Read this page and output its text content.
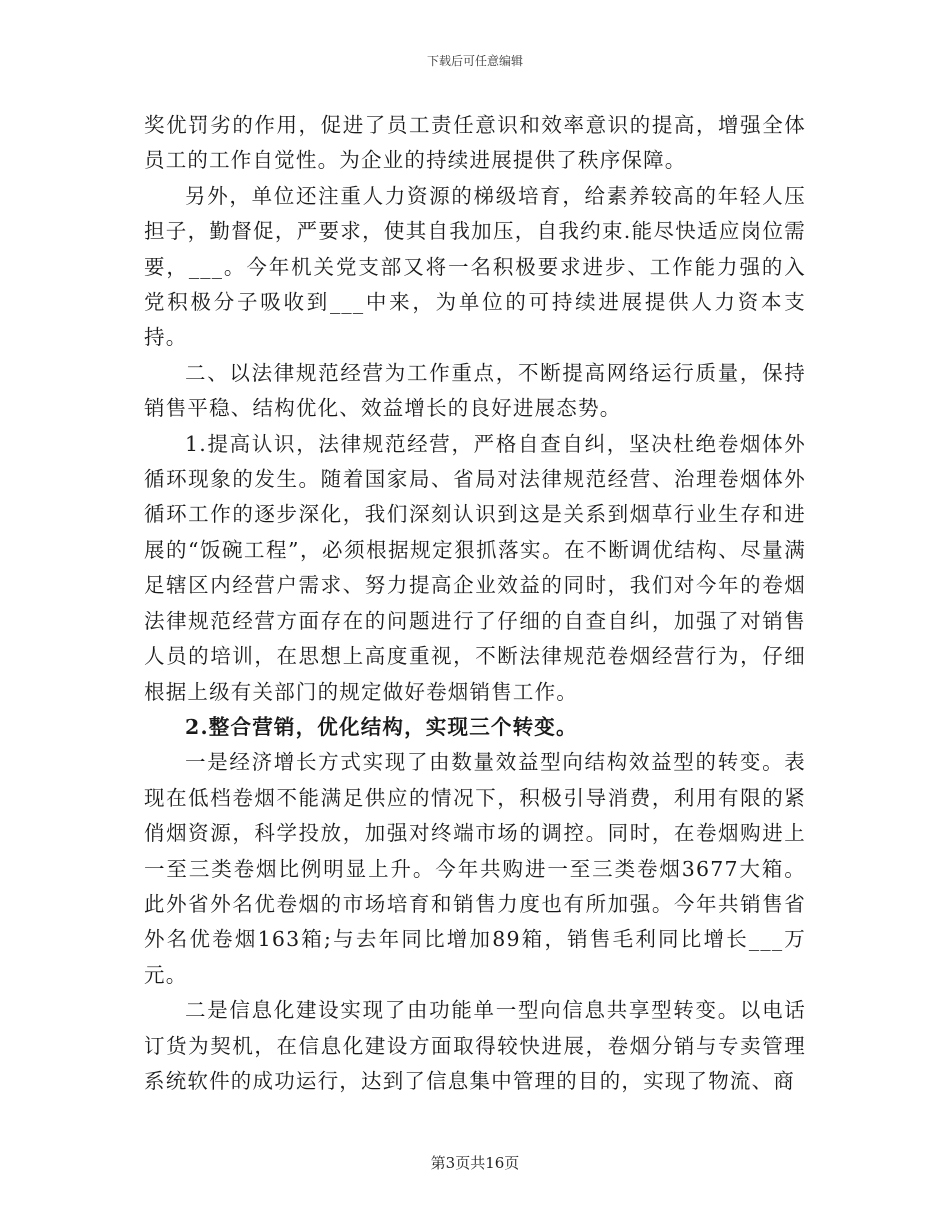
下载后可任意编辑

奖优罚劣的作用，促进了员工责任意识和效率意识的提高，增强全体员工的工作自觉性。为企业的持续进展提供了秩序保障。

另外，单位还注重人力资源的梯级培育，给素养较高的年轻人压担子，勤督促，严要求，使其自我加压，自我约束.能尽快适应岗位需要，___。今年机关党支部又将一名积极要求进步、工作能力强的入党积极分子吸收到___中来，为单位的可持续进展提供人力资本支持。

二、以法律规范经营为工作重点，不断提高网络运行质量，保持销售平稳、结构优化、效益增长的良好进展态势。

1.提高认识，法律规范经营，严格自查自纠，坚决杜绝卷烟体外循环现象的发生。随着国家局、省局对法律规范经营、治理卷烟体外循环工作的逐步深化，我们深刻认识到这是关系到烟草行业生存和进展的“饭碗工程”，必须根据规定狠抓落实。在不断调优结构、尽量满足辖区内经营户需求、努力提高企业效益的同时，我们对今年的卷烟法律规范经营方面存在的问题进行了仔细的自查自纠，加强了对销售人员的培训，在思想上高度重视，不断法律规范卷烟经营行为，仔细根据上级有关部门的规定做好卷烟销售工作。

2.整合营销，优化结构，实现三个转变。

一是经济增长方式实现了由数量效益型向结构效益型的转变。表现在低档卷烟不能满足供应的情况下，积极引导消费，利用有限的紧俏烟资源，科学投放，加强对终端市场的调控。同时，在卷烟购进上一至三类卷烟比例明显上升。今年共购进一至三类卷烟3677大箱。此外省外名优卷烟的市场培育和销售力度也有所加强。今年共销售省外名优卷烟163箱;与去年同比增加89箱，销售毛利同比增长___万元。

二是信息化建设实现了由功能单一型向信息共享型转变。以电话订货为契机，在信息化建设方面取得较快进展，卷烟分销与专卖管理系统软件的成功运行，达到了信息集中管理的目的，实现了物流、商

第3页共16页
